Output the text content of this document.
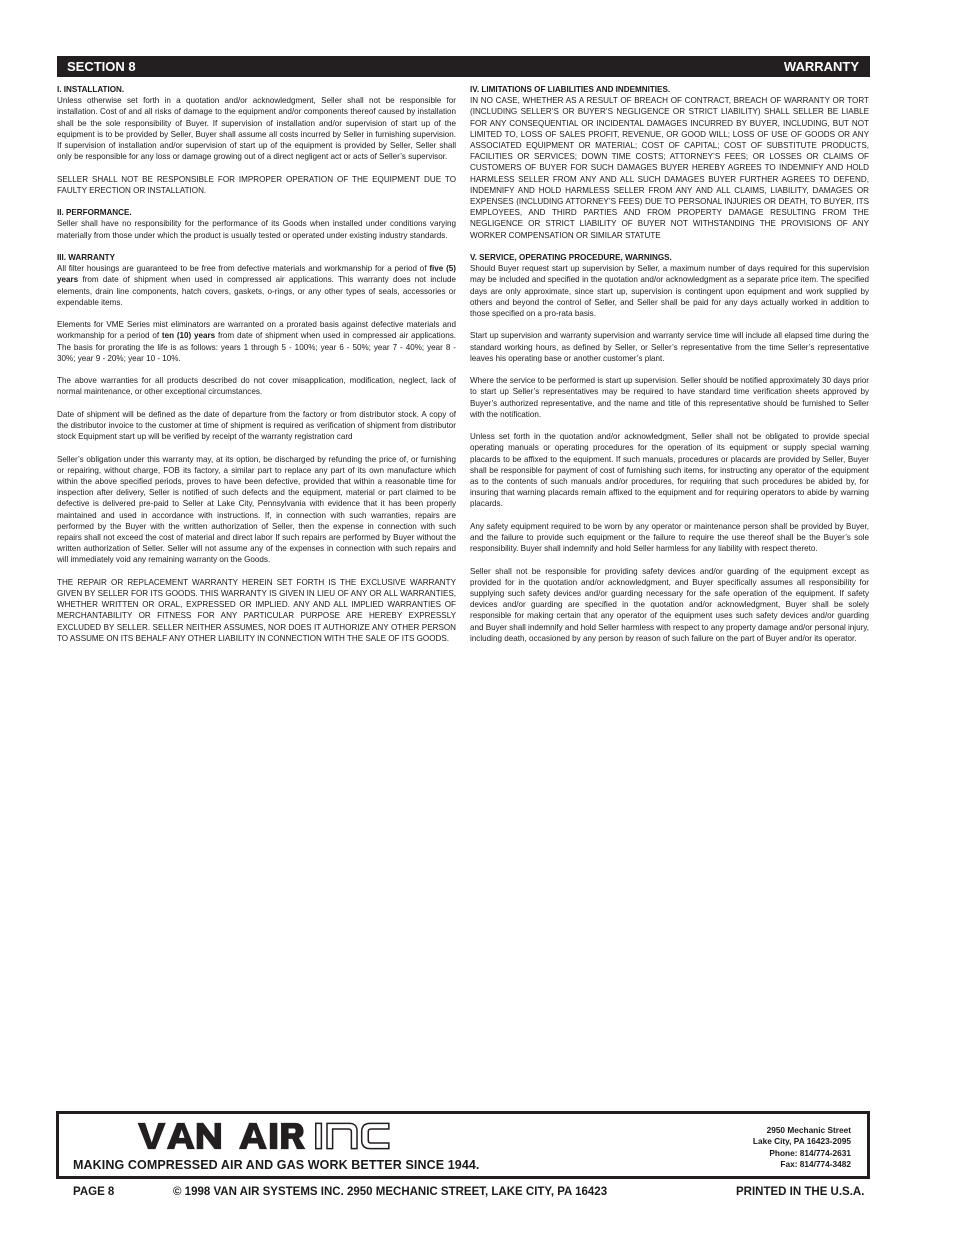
SECTION 8	WARRANTY
I. INSTALLATION.
Unless otherwise set forth in a quotation and/or acknowledgment, Seller shall not be responsible for installation. Cost of and all risks of damage to the equipment and/or components thereof caused by installation shall be the sole responsibility of Buyer. If supervision of installation and/or supervision of start up of the equipment is to be provided by Seller, Buyer shall assume all costs incurred by Seller in furnishing supervision. If supervision of installation and/or supervision of start up of the equipment is provided by Seller, Seller shall only be responsible for any loss or damage growing out of a direct negligent act or acts of Seller’s supervisor.
SELLER SHALL NOT BE RESPONSIBLE FOR IMPROPER OPERATION OF THE EQUIPMENT DUE TO FAULTY ERECTION OR INSTALLATION.
II. PERFORMANCE.
Seller shall have no responsibility for the performance of its Goods when installed under conditions varying materially from those under which the product is usually tested or operated under existing industry standards.
III. WARRANTY
All filter housings are guaranteed to be free from defective materials and workmanship for a period of five (5) years from date of shipment when used in compressed air applications. This warranty does not include elements, drain line components, hatch covers, gaskets, o-rings, or any other types of seals, accessories or expendable items.
Elements for VME Series mist eliminators are warranted on a prorated basis against defective materials and workmanship for a period of ten (10) years from date of shipment when used in compressed air applications. The basis for prorating the life is as follows: years 1 through 5 - 100%; year 6 - 50%; year 7 - 40%; year 8 - 30%; year 9 - 20%; year 10 - 10%.
The above warranties for all products described do not cover misapplication, modification, neglect, lack of normal maintenance, or other exceptional circumstances.
Date of shipment will be defined as the date of departure from the factory or from distributor stock. A copy of the distributor invoice to the customer at time of shipment is required as verification of shipment from distributor stock Equipment start up will be verified by receipt of the warranty registration card
Seller’s obligation under this warranty may, at its option, be discharged by refunding the price of, or furnishing or repairing, without charge, FOB its factory, a similar part to replace any part of its own manufacture which within the above specified periods, proves to have been defective, provided that within a reasonable time for inspection after delivery, Seller is notified of such defects and the equipment, material or part claimed to be defective is delivered pre-paid to Seller at Lake City, Pennsylvania with evidence that it has been properly maintained and used in accordance with instructions. If, in connection with such warranties, repairs are performed by the Buyer with the written authorization of Seller, then the expense in connection with such repairs shall not exceed the cost of material and direct labor If such repairs are performed by Buyer without the written authorization of Seller. Seller will not assume any of the expenses in connection with such repairs and will immediately void any remaining warranty on the Goods.
THE REPAIR OR REPLACEMENT WARRANTY HEREIN SET FORTH IS THE EXCLUSIVE WARRANTY GIVEN BY SELLER FOR ITS GOODS. THIS WARRANTY IS GIVEN IN LIEU OF ANY OR ALL WARRANTIES, WHETHER WRITTEN OR ORAL, EXPRESSED OR IMPLIED. ANY AND ALL IMPLIED WARRANTIES OF MERCHANTABILITY OR FITNESS FOR ANY PARTICULAR PURPOSE ARE HEREBY EXPRESSLY EXCLUDED BY SELLER. SELLER NEITHER ASSUMES, NOR DOES IT AUTHORIZE ANY OTHER PERSON TO ASSUME ON ITS BEHALF ANY OTHER LIABILITY IN CONNECTION WITH THE SALE OF ITS GOODS.
IV. LIMITATIONS OF LIABILITIES AND INDEMNITIES.
IN NO CASE, WHETHER AS A RESULT OF BREACH OF CONTRACT, BREACH OF WARRANTY OR TORT (INCLUDING SELLER’S OR BUYER’S NEGLIGENCE OR STRICT LIABILITY) SHALL SELLER BE LIABLE FOR ANY CONSEQUENTIAL OR INCIDENTAL DAMAGES INCURRED BY BUYER, INCLUDING, BUT NOT LIMITED TO, LOSS OF SALES PROFIT, REVENUE, OR GOOD WILL; LOSS OF USE OF GOODS OR ANY ASSOCIATED EQUIPMENT OR MATERIAL; COST OF CAPITAL; COST OF SUBSTITUTE PRODUCTS, FACILITIES OR SERVICES; DOWN TIME COSTS; ATTORNEY’S FEES; OR LOSSES OR CLAIMS OF CUSTOMERS OF BUYER FOR SUCH DAMAGES BUYER HEREBY AGREES TO INDEMNIFY AND HOLD HARMLESS SELLER FROM ANY AND ALL SUCH DAMAGES BUYER FURTHER AGREES TO DEFEND, INDEMNIFY AND HOLD HARMLESS SELLER FROM ANY AND ALL CLAIMS, LIABILITY, DAMAGES OR EXPENSES (INCLUDING ATTORNEY’S FEES) DUE TO PERSONAL INJURIES OR DEATH, TO BUYER, ITS EMPLOYEES, AND THIRD PARTIES AND FROM PROPERTY DAMAGE RESULTING FROM THE NEGLIGENCE OR STRICT LIABILITY OF BUYER NOT WITHSTANDING THE PROVISIONS OF ANY WORKER COMPENSATION OR SIMILAR STATUTE
V. SERVICE, OPERATING PROCEDURE, WARNINGS.
Should Buyer request start up supervision by Seller, a maximum number of days required for this supervision may be included and specified in the quotation and/or acknowledgment as a separate price item. The specified days are only approximate, since start up, supervision is contingent upon equipment and work supplied by others and beyond the control of Seller, and Seller shall be paid for any days actually worked in addition to those specified on a pro-rata basis.
Start up supervision and warranty supervision and warranty service time will include all elapsed time during the standard working hours, as defined by Seller, or Seller’s representative from the time Seller’s representative leaves his operating base or another customer’s plant.
Where the service to be performed is start up supervision. Seller should be notified approximately 30 days prior to start up Seller’s representatives may be required to have standard time verification sheets approved by Buyer’s authorized representative, and the name and title of this representative should be furnished to Seller with the notification.
Unless set forth in the quotation and/or acknowledgment, Seller shall not be obligated to provide special operating manuals or operating procedures for the operation of its equipment or supply special warning placards to be affixed to the equipment. If such manuals, procedures or placards are provided by Seller, Buyer shall be responsible for payment of cost of furnishing such items, for instructing any operator of the equipment as to the contents of such manuals and/or procedures, for requiring that such procedures be abided by, for insuring that warning placards remain affixed to the equipment and for requiring operators to abide by warning placards.
Any safety equipment required to be worn by any operator or maintenance person shall be provided by Buyer, and the failure to provide such equipment or the failure to require the use thereof shall be the Buyer’s sole responsibility. Buyer shall indemnify and hold Seller harmless for any liability with respect thereto.
Seller shall not be responsible for providing safety devices and/or guarding of the equipment except as provided for in the quotation and/or acknowledgment, and Buyer specifically assumes all responsibility for supplying such safety devices and/or guarding necessary for the safe operation of the equipment. If safety devices and/or guarding are specified in the quotation and/or acknowledgment, Buyer shall be solely responsible for making certain that any operator of the equipment uses such safety devices and/or guarding and Buyer shall indemnify and hold Seller harmless with respect to any property damage and/or personal injury, including death, occasioned by any person by reason of such failure on the part of Buyer and/or its operator.
MAKING COMPRESSED AIR AND GAS WORK BETTER SINCE 1944.
2950 Mechanic Street
Lake City, PA 16423-2095
Phone: 814/774-2631
Fax: 814/774-3482
PAGE 8	© 1998 VAN AIR SYSTEMS INC. 2950 MECHANIC STREET, LAKE CITY, PA 16423	PRINTED IN THE U.S.A.
